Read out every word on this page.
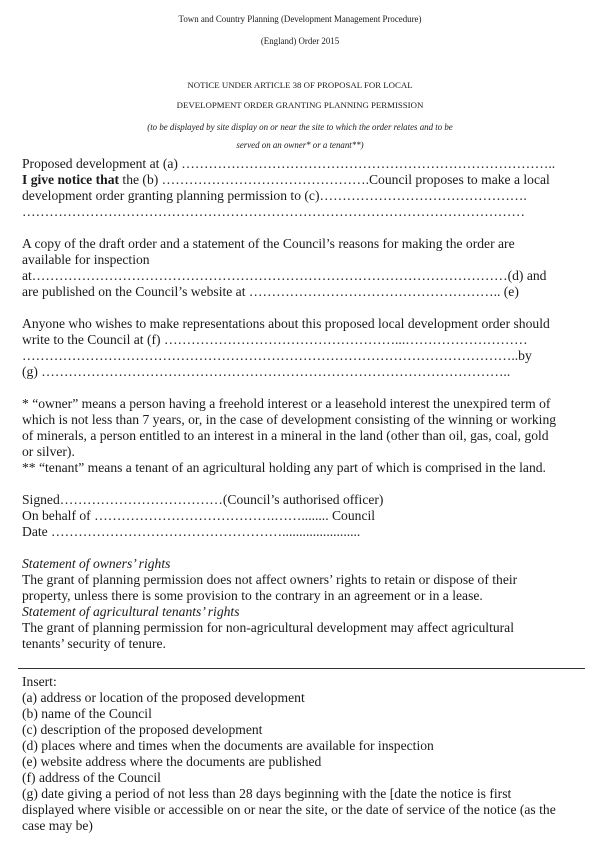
Town and Country Planning (Development Management Procedure)
(England) Order 2015
NOTICE UNDER ARTICLE 38 OF PROPOSAL FOR LOCAL
DEVELOPMENT ORDER GRANTING PLANNING PERMISSION
(to be displayed by site display on or near the site to which the order relates and to be
served on an owner* or a tenant**)
Proposed development at (a) ………………………………………………………………………..
I give notice that the (b) ……………………………………….Council proposes to make a local
development order granting planning permission to (c)……………………………………….
…………………………………………………………………………………………………
A copy of the draft order and a statement of the Council’s reasons for making the order are
available for inspection
at……………………………………………………………………………………………(d) and
are published on the Council’s website at ……………………………………………….. (e)
Anyone who wishes to make representations about this proposed local development order should
write to the Council at (f) ……………………………………………...………………………
………………………………………………………………………………………………..by
(g) …………………………………………………………………………………………..
* “owner” means a person having a freehold interest or a leasehold interest the unexpired term of
which is not less than 7 years, or, in the case of development consisting of the winning or working
of minerals, a person entitled to an interest in a mineral in the land (other than oil, gas, coal, gold
or silver).
** “tenant” means a tenant of an agricultural holding any part of which is comprised in the land.
Signed………………………………(Council’s authorised officer)
On behalf of ………………………………….……........ Council
Date …………………………………………….......................
Statement of owners’ rights
The grant of planning permission does not affect owners’ rights to retain or dispose of their
property, unless there is some provision to the contrary in an agreement or in a lease.
Statement of agricultural tenants’ rights
The grant of planning permission for non-agricultural development may affect agricultural
tenants’ security of tenure.
Insert:
(a) address or location of the proposed development
(b) name of the Council
(c) description of the proposed development
(d) places where and times when the documents are available for inspection
(e) website address where the documents are published
(f) address of the Council
(g) date giving a period of not less than 28 days beginning with the [date the notice is first
displayed where visible or accessible on or near the site, or the date of service of the notice (as the
case may be)
